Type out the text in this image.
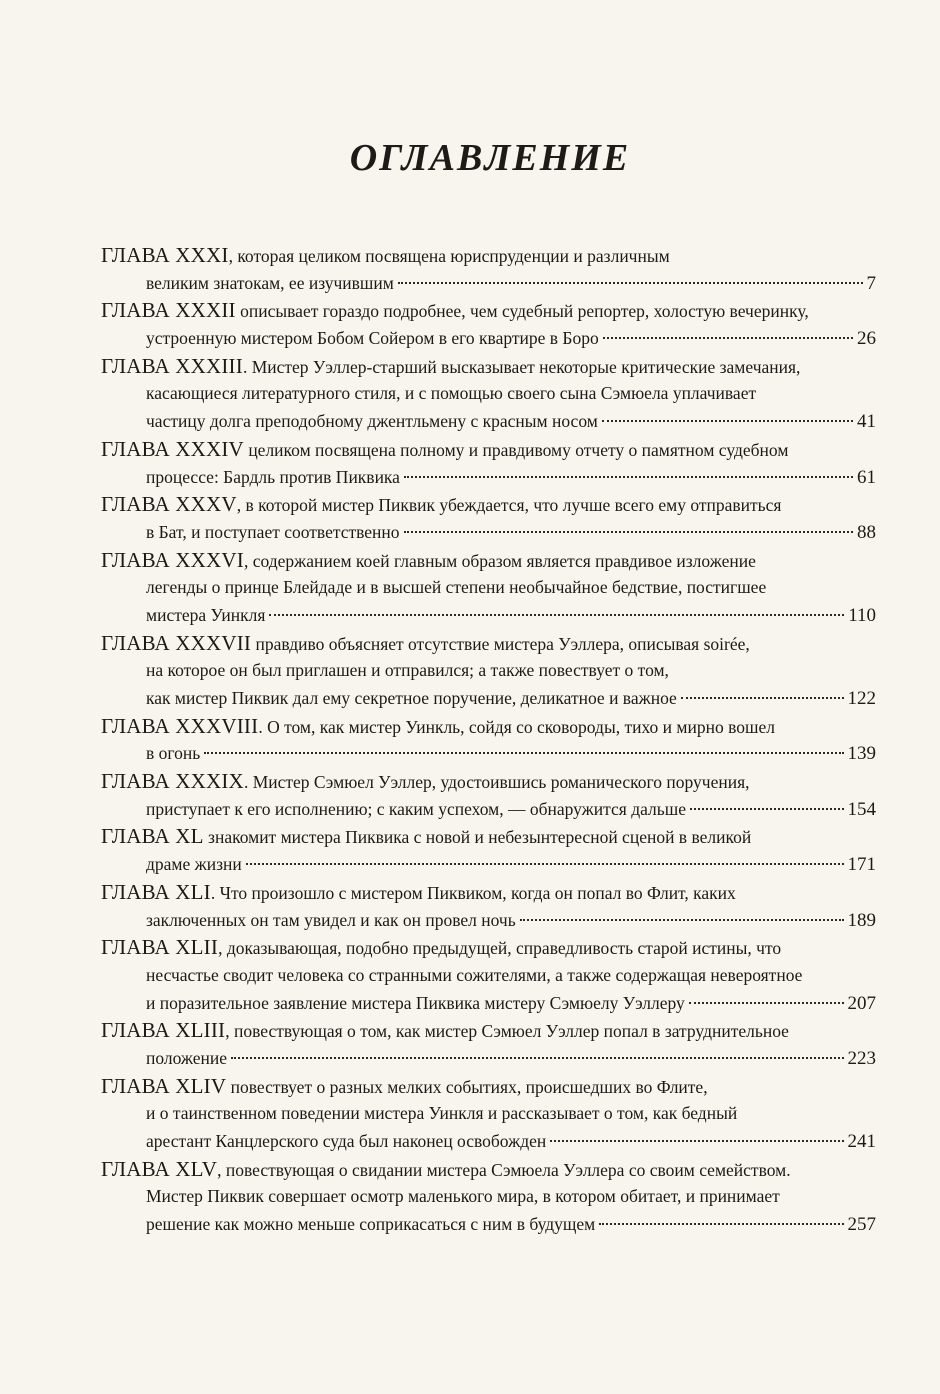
ОГЛАВЛЕНИЕ
ГЛАВА XXXI, которая целиком посвящена юриспруденции и различным
великим знатокам, ее изучившим	7
ГЛАВА XXXII описывает гораздо подробнее, чем судебный репортер, холостую вечеринку,
устроенную мистером Бобом Сойером в его квартире в Боро	26
ГЛАВА XXXIII. Мистер Уэллер-старший высказывает некоторые критические замечания,
касающиеся литературного стиля, и с помощью своего сына Сэмюела уплачивает
частицу долга преподобному джентльмену с красным носом	41
ГЛАВА XXXIV целиком посвящена полному и правдивому отчету о памятном судебном
процессе: Бардль против Пиквика	61
ГЛАВА XXXV, в которой мистер Пиквик убеждается, что лучше всего ему отправиться
в Бат, и поступает соответственно	88
ГЛАВА XXXVI, содержанием коей главным образом является правдивое изложение
легенды о принце Блейдаде и в высшей степени необычайное бедствие, постигшее
мистера Уинкля	110
ГЛАВА XXXVII правдиво объясняет отсутствие мистера Уэллера, описывая soirée,
на которое он был приглашен и отправился; а также повествует о том,
как мистер Пиквик дал ему секретное поручение, деликатное и важное	122
ГЛАВА XXXVIII. О том, как мистер Уинкль, сойдя со сковороды, тихо и мирно вошел
в огонь	139
ГЛАВА XXXIX. Мистер Сэмюел Уэллер, удостоившись романического поручения,
приступает к его исполнению; с каким успехом, — обнаружится дальше	154
ГЛАВА XL знакомит мистера Пиквика с новой и небезынтересной сценой в великой
драме жизни	171
ГЛАВА XLI. Что произошло с мистером Пиквиком, когда он попал во Флит, каких
заключенных он там увидел и как он провел ночь	189
ГЛАВА XLII, доказывающая, подобно предыдущей, справедливость старой истины, что
несчастье сводит человека со странными сожителями, а также содержащая невероятное
и поразительное заявление мистера Пиквика мистеру Сэмюелу Уэллеру	207
ГЛАВА XLIII, повествующая о том, как мистер Сэмюел Уэллер попал в затруднительное
положение	223
ГЛАВА XLIV повествует о разных мелких событиях, происшедших во Флите,
и о таинственном поведении мистера Уинкля и рассказывает о том, как бедный
арестант Канцлерского суда был наконец освобожден	241
ГЛАВА XLV, повествующая о свидании мистера Сэмюела Уэллера со своим семейством.
Мистер Пиквик совершает осмотр маленького мира, в котором обитает, и принимает
решение как можно меньше соприкасаться с ним в будущем	257
